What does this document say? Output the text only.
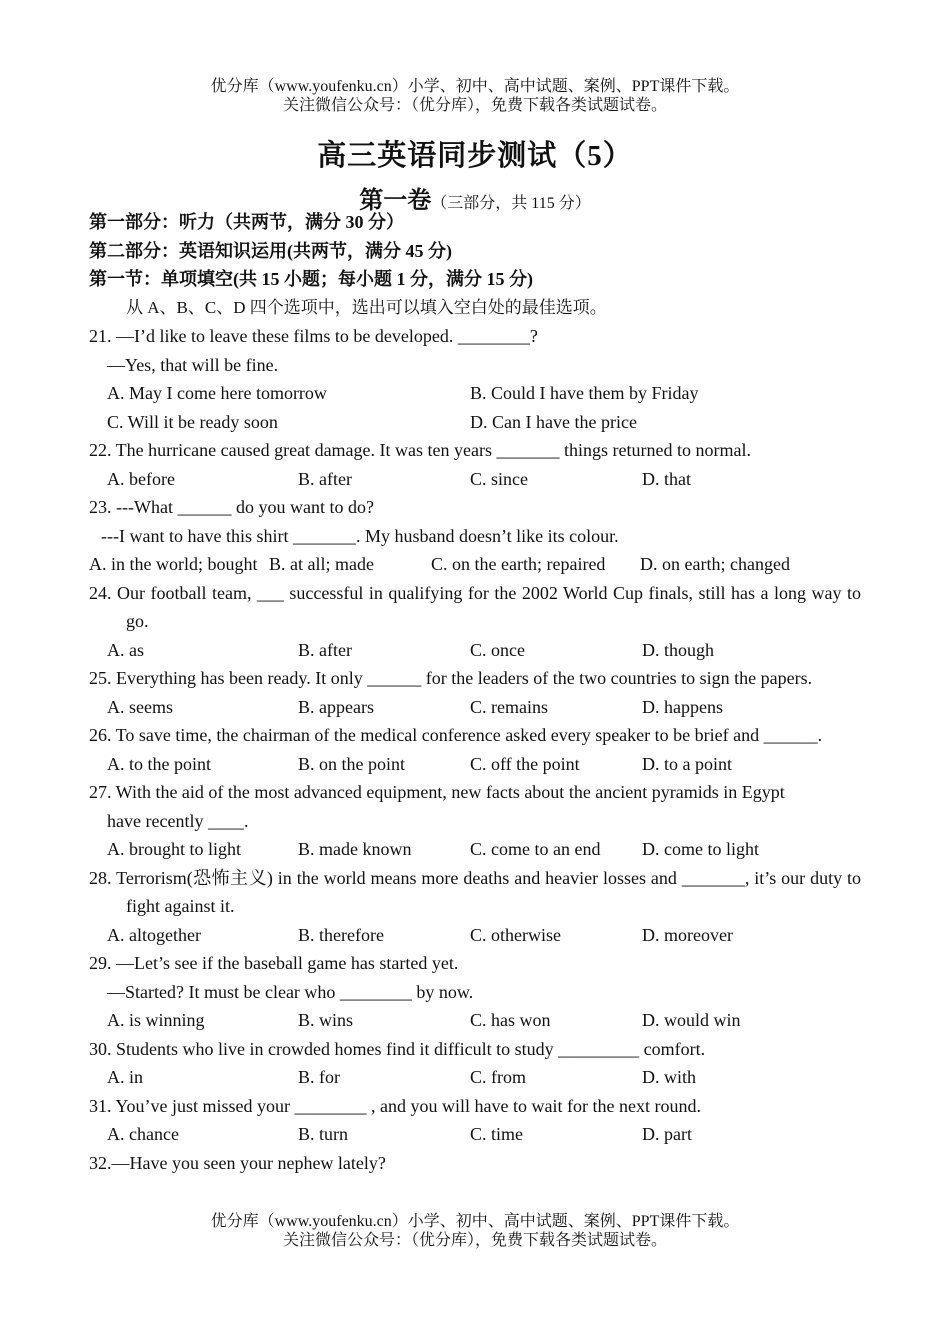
优分库（www.youfenku.cn）小学、初中、高中试题、案例、PPT课件下载。
关注微信公众号：（优分库），免费下载各类试题试卷。
高三英语同步测试（5）
第一卷（三部分，共 115 分）

第一部分：听力（共两节，满分 30 分）

第二部分：英语知识运用(共两节，满分 45 分)

第一节：单项填空(共 15 小题；每小题 1 分，满分 15 分)

从 A、B、C、D 四个选项中，选出可以填入空白处的最佳选项。

21. —I’d like to leave these films to be developed. ________?

—Yes, that will be fine.

A. May I come here tomorrow	B. Could I have them by Friday
C. Will it be ready soon	D. Can I have the price

22. The hurricane caused great damage. It was ten years _______ things returned to normal.

A. before	B. after	C. since	D. that

23. ---What ______ do you want to do?

---I want to have this shirt _______. My husband doesn’t like its colour.

A. in the world; bought B. at all; made	C. on the earth; repaired	D. on earth; changed

24. Our football team, ___ successful in qualifying for the 2002 World Cup finals, still has a long way to go.

A. as	B. after	C. once	D. though

25. Everything has been ready. It only ______ for the leaders of the two countries to sign the papers.

A. seems	B. appears	C. remains	D. happens

26. To save time, the chairman of the medical conference asked every speaker to be brief and ______.

A. to the point	B. on the point	C. off the point	D. to a point

27. With the aid of the most advanced equipment, new facts about the ancient pyramids in Egypt

have recently ____.

A. brought to light	B. made known	C. come to an end	D. come to light

28. Terrorism(恐怖主义) in the world means more deaths and heavier losses and _______, it’s our duty to fight against it.

A. altogether	B. therefore	C. otherwise	D. moreover

29. —Let’s see if the baseball game has started yet.

—Started? It must be clear who ________ by now.

A. is winning	B. wins	C. has won	D. would win

30. Students who live in crowded homes find it difficult to study _________ comfort.

A. in	B. for	C. from	D. with

31. You’ve just missed your ________ , and you will have to wait for the next round.

A. chance	B. turn	C. time	D. part

32.—Have you seen your nephew lately?

优分库（www.youfenku.cn）小学、初中、高中试题、案例、PPT课件下载。
关注微信公众号：（优分库），免费下载各类试题试卷。
